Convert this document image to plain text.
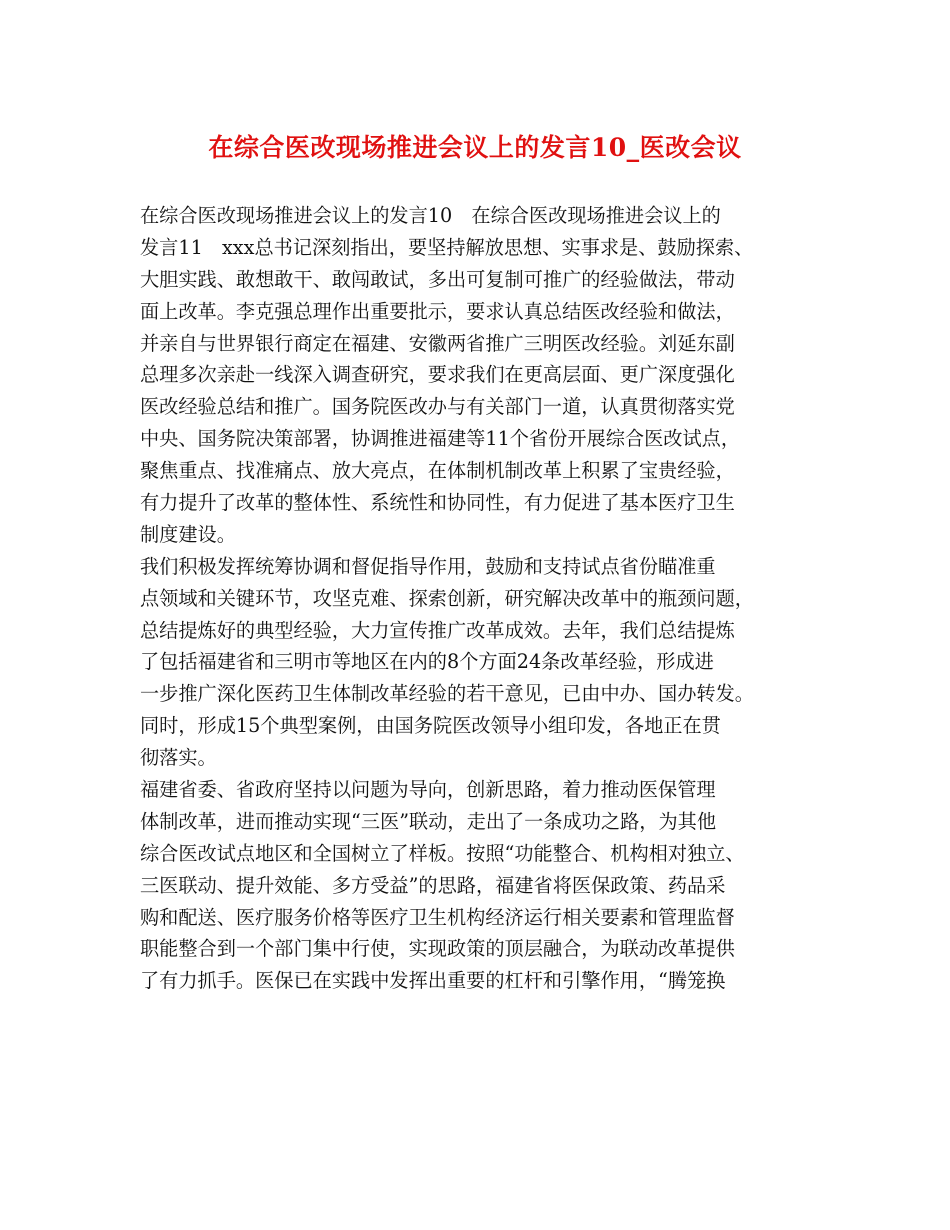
在综合医改现场推进会议上的发言10_医改会议
在综合医改现场推进会议上的发言10　在综合医改现场推进会议上的
发言11　xxx总书记深刻指出，要坚持解放思想、实事求是、鼓励探索、
大胆实践、敢想敢干、敢闯敢试，多出可复制可推广的经验做法，带动
面上改革。李克强总理作出重要批示，要求认真总结医改经验和做法，
并亲自与世界银行商定在福建、安徽两省推广三明医改经验。刘延东副
总理多次亲赴一线深入调查研究，要求我们在更高层面、更广深度强化
医改经验总结和推广。国务院医改办与有关部门一道，认真贯彻落实党
中央、国务院决策部署，协调推进福建等11个省份开展综合医改试点，
聚焦重点、找准痛点、放大亮点，在体制机制改革上积累了宝贵经验，
有力提升了改革的整体性、系统性和协同性，有力促进了基本医疗卫生
制度建设。
我们积极发挥统筹协调和督促指导作用，鼓励和支持试点省份瞄准重
点领域和关键环节，攻坚克难、探索创新，研究解决改革中的瓶颈问题，
总结提炼好的典型经验，大力宣传推广改革成效。去年，我们总结提炼
了包括福建省和三明市等地区在内的8个方面24条改革经验，形成进
一步推广深化医药卫生体制改革经验的若干意见，已由中办、国办转发。
同时，形成15个典型案例，由国务院医改领导小组印发，各地正在贯
彻落实。
福建省委、省政府坚持以问题为导向，创新思路，着力推动医保管理
体制改革，进而推动实现“三医”联动，走出了一条成功之路，为其他
综合医改试点地区和全国树立了样板。按照“功能整合、机构相对独立、
三医联动、提升效能、多方受益”的思路，福建省将医保政策、药品采
购和配送、医疗服务价格等医疗卫生机构经济运行相关要素和管理监督
职能整合到一个部门集中行使，实现政策的顶层融合，为联动改革提供
了有力抓手。医保已在实践中发挥出重要的杠杆和引擎作用，“腾笼换
